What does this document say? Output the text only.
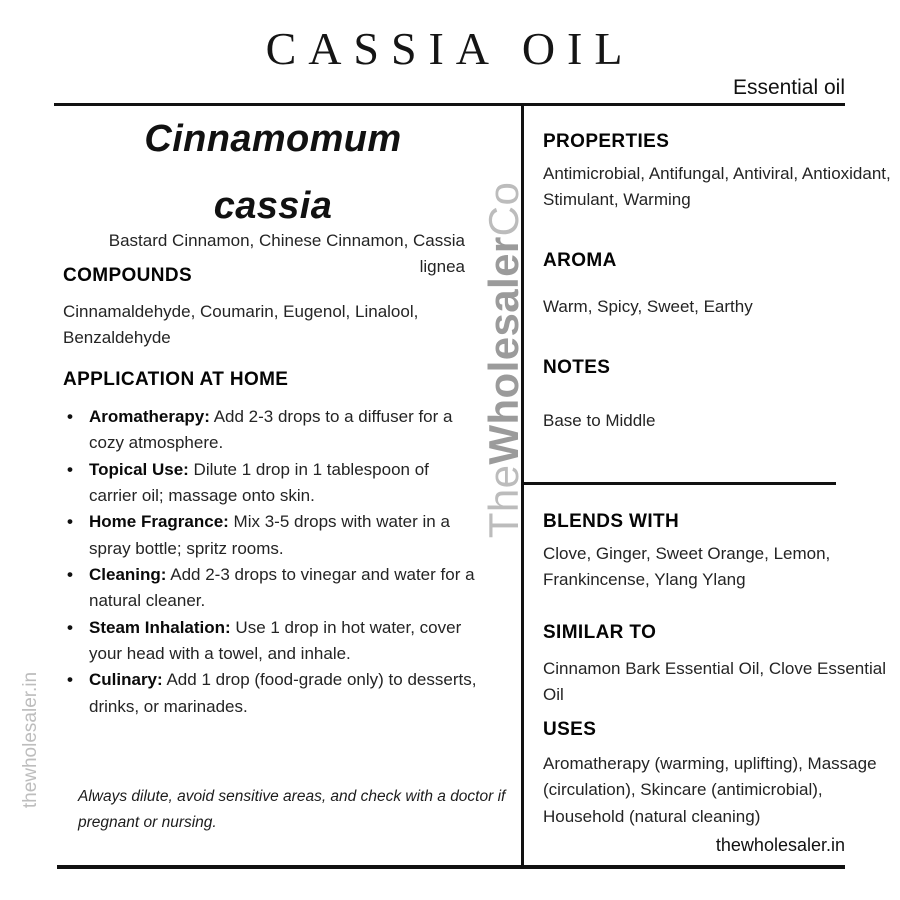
CASSIA OIL
Essential oil
TheWholesalerCo
thewholesaler.in
Cinnamomum
cassia
Bastard Cinnamon, Chinese Cinnamon, Cassia lignea
COMPOUNDS
Cinnamaldehyde, Coumarin, Eugenol, Linalool, Benzaldehyde
APPLICATION AT HOME
• Aromatherapy: Add 2-3 drops to a diffuser for a cozy atmosphere.
• Topical Use: Dilute 1 drop in 1 tablespoon of carrier oil; massage onto skin.
• Home Fragrance: Mix 3-5 drops with water in a spray bottle; spritz rooms.
• Cleaning: Add 2-3 drops to vinegar and water for a natural cleaner.
• Steam Inhalation: Use 1 drop in hot water, cover your head with a towel, and inhale.
• Culinary: Add 1 drop (food-grade only) to desserts, drinks, or marinades.
Always dilute, avoid sensitive areas, and check with a doctor if pregnant or nursing.
PROPERTIES
Antimicrobial, Antifungal, Antiviral, Antioxidant, Stimulant, Warming
AROMA
Warm, Spicy, Sweet, Earthy
NOTES
Base to Middle
BLENDS WITH
Clove, Ginger, Sweet Orange, Lemon, Frankincense, Ylang Ylang
SIMILAR TO
Cinnamon Bark Essential Oil, Clove Essential Oil
USES
Aromatherapy (warming, uplifting), Massage (circulation), Skincare (antimicrobial), Household (natural cleaning)
thewholesaler.in
